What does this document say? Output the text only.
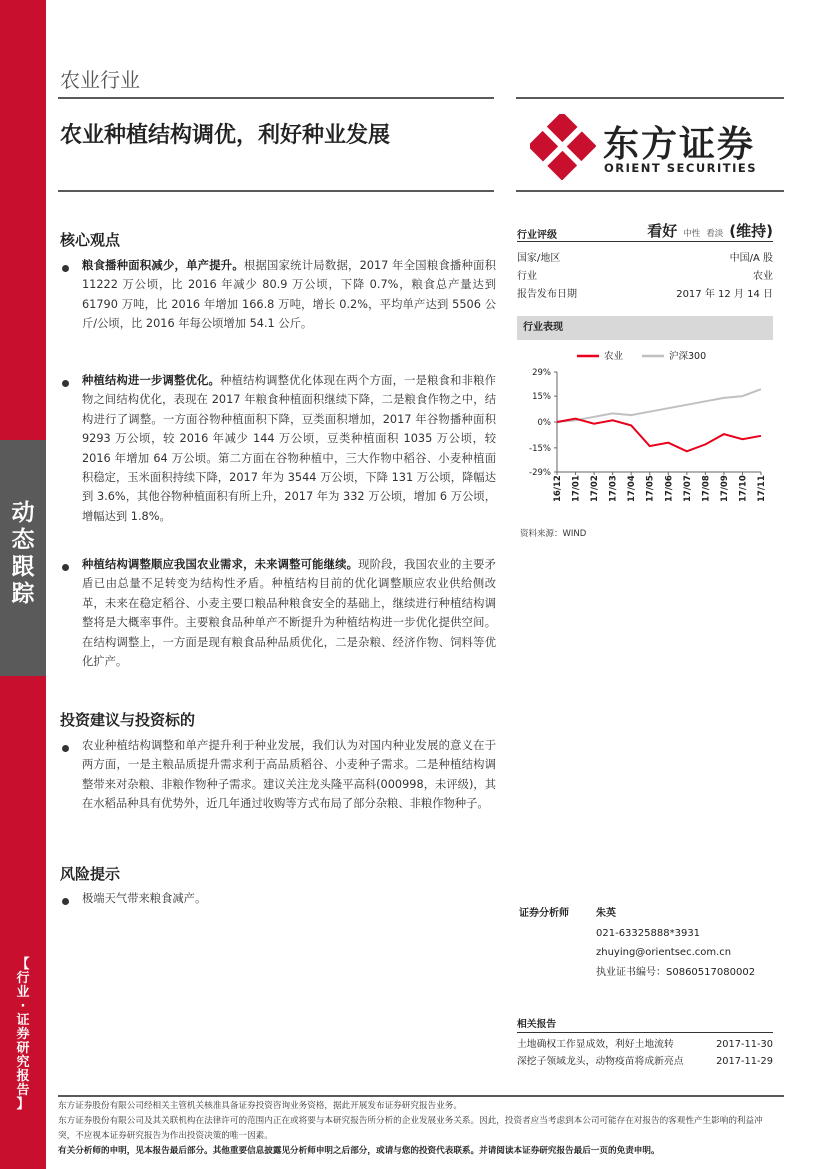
动
态
跟
踪
【
行
业
·
证
券
研
究
报
告
】
农业行业
农业种植结构调优，利好种业发展	东方证券
ORIENT SECURITIES
核心观点
粮食播种面积减少，单产提升。根据国家统计局数据，2017 年全国粮食播种面积 11222 万公顷，比 2016 年减少 80.9 万公顷，下降 0.7%，粮食总产量达到 61790 万吨，比 2016 年增加 166.8 万吨，增长 0.2%，平均单产达到 5506 公斤/公顷，比 2016 年每公顷增加 54.1 公斤。
种植结构进一步调整优化。种植结构调整优化体现在两个方面，一是粮食和非粮作物之间结构优化，表现在 2017 年粮食种植面积继续下降，二是粮食作物之中，结构进行了调整。一方面谷物种植面积下降，豆类面积增加，2017 年谷物播种面积 9293 万公顷，较 2016 年减少 144 万公顷，豆类种植面积 1035 万公顷，较 2016 年增加 64 万公顷。第二方面在谷物种植中，三大作物中稻谷、小麦种植面积稳定，玉米面积持续下降，2017 年为 3544 万公顷，下降 131 万公顷，降幅达到 3.6%，其他谷物种植面积有所上升，2017 年为 332 万公顷，增加 6 万公顷，增幅达到 1.8%。
种植结构调整顺应我国农业需求，未来调整可能继续。现阶段，我国农业的主要矛盾已由总量不足转变为结构性矛盾。种植结构目前的优化调整顺应农业供给侧改革，未来在稳定稻谷、小麦主要口粮品种粮食安全的基础上，继续进行种植结构调整将是大概率事件。主要粮食品种单产不断提升为种植结构进一步优化提供空间。在结构调整上，一方面是现有粮食品种品质优化，二是杂粮、经济作物、饲料等优化扩产。
投资建议与投资标的
农业种植结构调整和单产提升利于种业发展，我们认为对国内种业发展的意义在于两方面，一是主粮品质提升需求利于高品质稻谷、小麦种子需求。二是种植结构调整带来对杂粮、非粮作物种子需求。建议关注龙头隆平高科(000998，未评级)，其在水稻品种具有优势外，近几年通过收购等方式布局了部分杂粮、非粮作物种子。
风险提示
极端天气带来粮食减产。
行业评级	看好 中性 看淡 (维持)
国家/地区	中国/A 股
行业	农业
报告发布日期	2017 年 12 月 14 日
行业表现
29%
15%
0%
-15%
-29%
16/12 17/01 17/02 17/03 17/04 17/05 17/06 17/07 17/08 17/09 17/10 17/11
农业	沪深300
资料来源：WIND
证券分析师	朱英
021-63325888*3931
zhuying@orientsec.com.cn
执业证书编号：S0860517080002
相关报告
土地确权工作显成效，利好土地流转	2017-11-30
深挖子领域龙头，动物疫苗将成新亮点	2017-11-29
东方证券股份有限公司经相关主管机关核准具备证券投资咨询业务资格，据此开展发布证券研究报告业务。
东方证券股份有限公司及其关联机构在法律许可的范围内正在或将要与本研究报告所分析的企业发展业务关系。因此，投资者应当考虑到本公司可能存在对报告的客观性产生影响的利益冲突，不应视本证券研究报告为作出投资决策的唯一因素。
有关分析师的申明，见本报告最后部分。其他重要信息披露见分析师申明之后部分，或请与您的投资代表联系。并请阅读本证券研究报告最后一页的免责申明。
